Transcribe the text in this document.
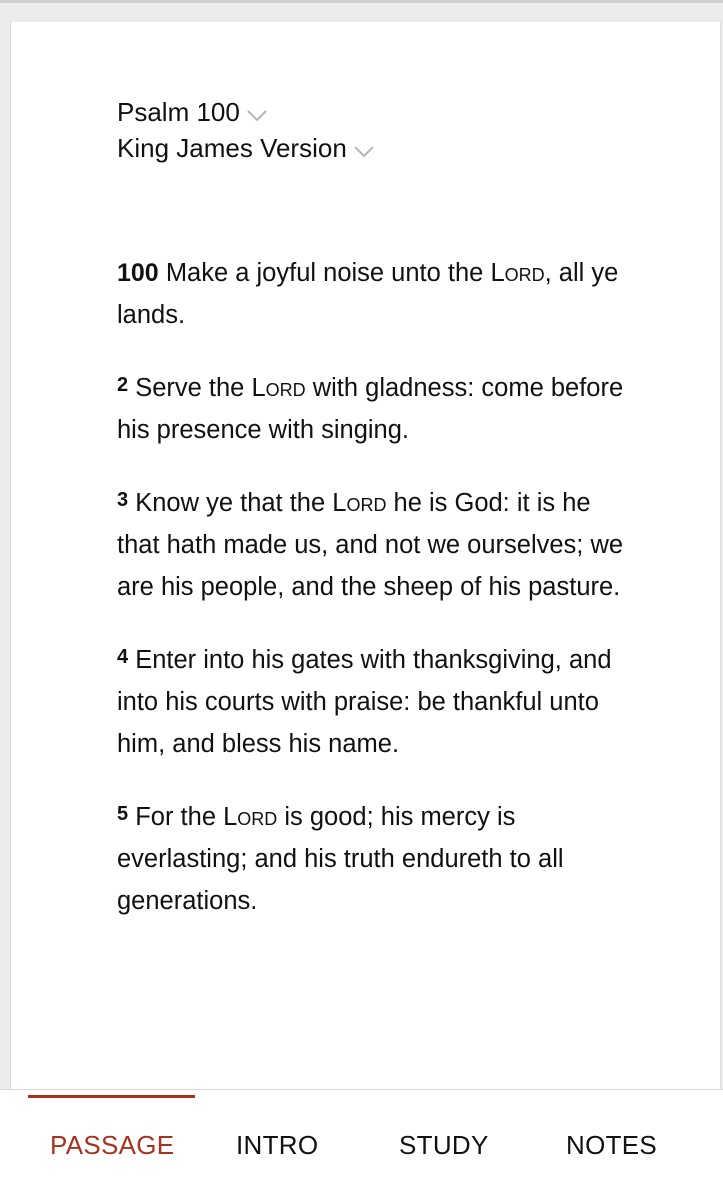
Psalm 100
King James Version

100 Make a joyful noise unto the Lord, all ye lands.

$^2$ Serve the Lord with gladness: come before his presence with singing.

$^3$ Know ye that the Lord he is God: it is he that hath made us, and not we ourselves; we are his people, and the sheep of his pasture.

$^4$ Enter into his gates with thanksgiving, and into his courts with praise: be thankful unto him, and bless his name.

$^5$ For the Lord is good; his mercy is everlasting; and his truth endureth to all generations.

PASSAGE INTRO	STUDY	NOTES
